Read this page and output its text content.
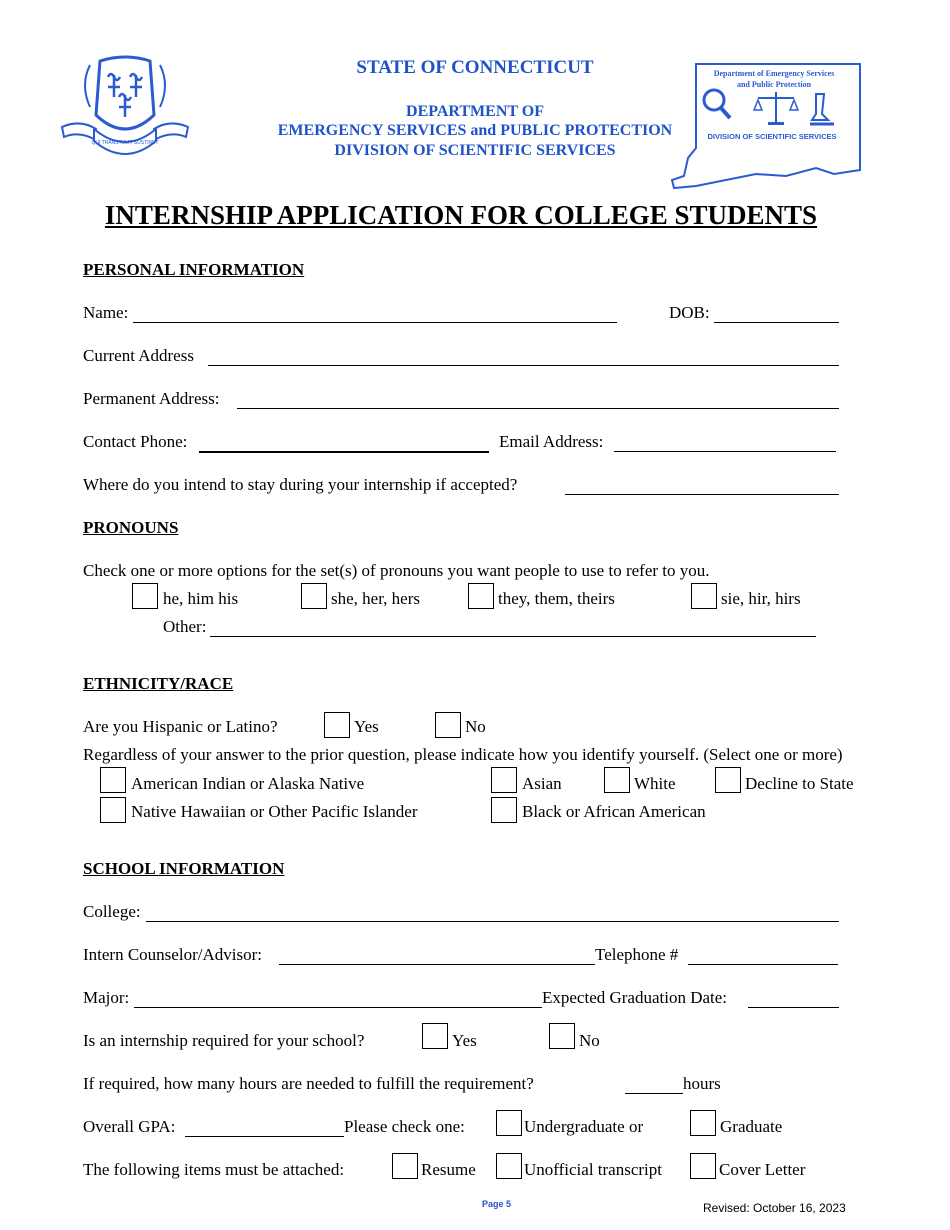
QUI TRANSTULIT SUSTINET
STATE OF CONNECTICUT
DEPARTMENT OF
EMERGENCY SERVICES and PUBLIC PROTECTION
DIVISION OF SCIENTIFIC SERVICES
Department of Emergency Services
and Public Protection
DIVISION OF SCIENTIFIC SERVICES
INTERNSHIP APPLICATION FOR COLLEGE STUDENTS
PERSONAL INFORMATION
Name:	DOB:
Current Address
Permanent Address:
Contact Phone:	Email Address:
Where do you intend to stay during your internship if accepted?
PRONOUNS
Check one or more options for the set(s) of pronouns you want people to use to refer to you.
he, him his	she, her, hers	they, them, theirs	sie, hir, hirs
Other:
ETHNICITY/RACE
Are you Hispanic or Latino?	Yes	No
Regardless of your answer to the prior question, please indicate how you identify yourself. (Select one or more)
American Indian or Alaska Native	Asian	White	Decline to State
Native Hawaiian or Other Pacific Islander	Black or African American
SCHOOL INFORMATION
College:
Intern Counselor/Advisor:	Telephone #
Major:	Expected Graduation Date:
Is an internship required for your school?	Yes	No
If required, how many hours are needed to fulfill the requirement?	hours
Overall GPA:	Please check one:	Undergraduate or	Graduate
The following items must be attached:	Resume	Unofficial transcript	Cover Letter
Page 5	Revised: October 16, 2023
